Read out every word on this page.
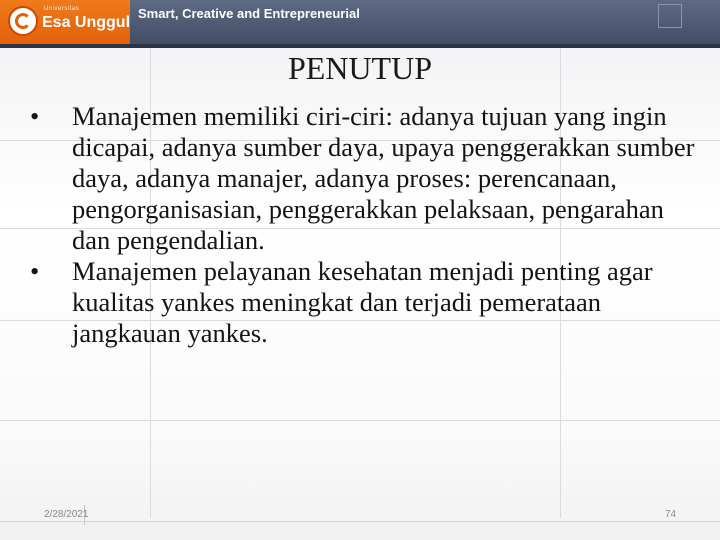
Universitas
Esa Unggul
Smart, Creative and Entrepreneurial
PENUTUP
•	Manajemen memiliki ciri-ciri: adanya tujuan yang ingin dicapai, adanya sumber daya, upaya penggerakkan sumber daya, adanya manajer, adanya proses: perencanaan, pengorganisasian, penggerakkan pelaksaan, pengarahan dan pengendalian.
•	Manajemen pelayanan kesehatan menjadi penting agar kualitas yankes meningkat dan terjadi pemerataan jangkauan yankes.
2/28/2021	74
